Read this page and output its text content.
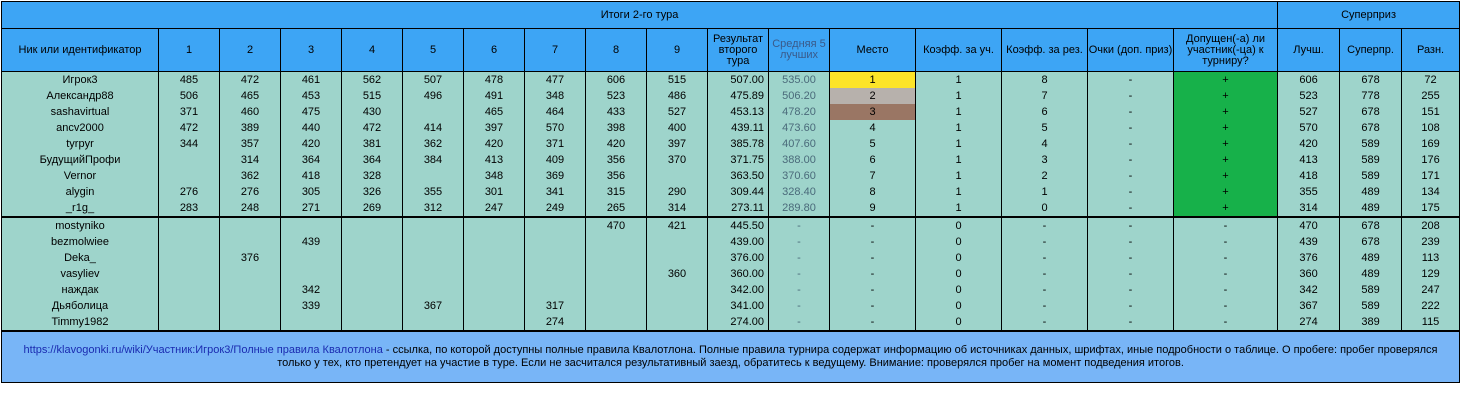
Итоги 2-го тура																	Суперприз		
Ник или идентификатор	1	2	3	4	5	6	7	8	9	Результат второго тура	Средняя 5 лучших	Место	Коэфф. за уч.	Коэфф. за рез.	Очки (доп. приз)	Допущен(-а) ли участник(-ца) к турниру?	Лучш.	Суперпр.	Разн.
Игрок3	485	472	461	562	507	478	477	606	515	507.00	535.00	1	1	8	-	+	606	678	72
Александр88	506	465	453	515	496	491	348	523	486	475.89	506.20	2	1	7	-	+	523	778	255
sashavirtual	371	460	475	430		465	464	433	527	453.13	478.20	3	1	6	-	+	527	678	151
ancv2000	472	389	440	472	414	397	570	398	400	439.11	473.60	4	1	5	-	+	570	678	108
tyrpyr	344	357	420	381	362	420	371	420	397	385.78	407.60	5	1	4	-	+	420	589	169
БудущийПрофи		314	364	364	384	413	409	356	370	371.75	388.00	6	1	3	-	+	413	589	176
Vernor		362	418	328		348	369	356		363.50	370.60	7	1	2	-	+	418	589	171
alygin	276	276	305	326	355	301	341	315	290	309.44	328.40	8	1	1	-	+	355	489	134
_r1g_	283	248	271	269	312	247	249	265	314	273.11	289.80	9	1	0	-	+	314	489	175
mostyniko								470	421	445.50	-	-	0	-	-	-	470	678	208
bezmolwiee			439							439.00	-	-	0	-	-	-	439	678	239
Deka_		376								376.00	-	-	0	-	-	-	376	489	113
vasyliev									360	360.00	-	-	0	-	-	-	360	489	129
наждак			342							342.00	-	-	0	-	-	-	342	589	247
Дьяболица			339		367		317			341.00	-	-	0	-	-	-	367	589	222
Timmy1982							274			274.00	-	-	0	-	-	-	274	389	115
https://klavogonki.ru/wiki/Участник:Игрок3/Полные правила Квалотлона - ссылка, по которой доступны полные правила Квалотлона. Полные правила турнира содержат информацию об источниках данных, шрифтах, иные подробности о таблице. О пробеге: пробег проверялся только у тех, кто претендует на участие в туре. Если не засчитался результативный заезд, обратитесь к ведущему. Внимание: проверялся пробег на момент подведения итогов.																			
